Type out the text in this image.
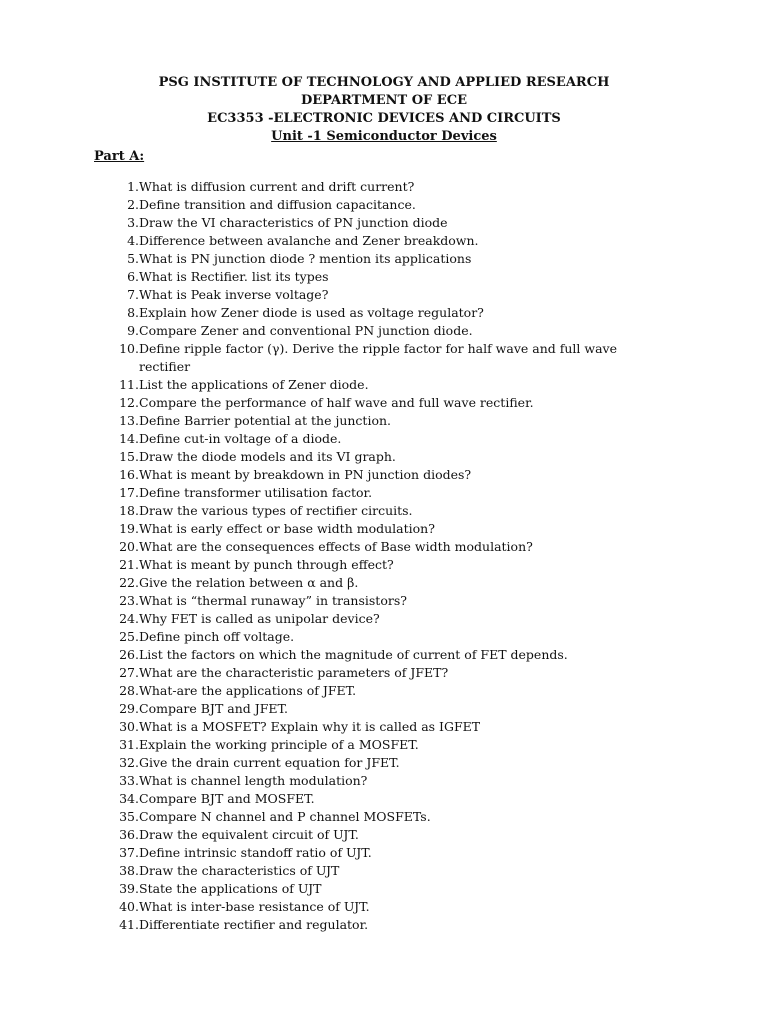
PSG INSTITUTE OF TECHNOLOGY AND APPLIED RESEARCH
DEPARTMENT OF ECE
EC3353 -ELECTRONIC DEVICES AND CIRCUITS
Unit -1 Semiconductor Devices
Part A:
1. What is diffusion current and drift current?
2. Define transition and diffusion capacitance.
3. Draw the VI characteristics of PN junction diode
4. Difference between avalanche and Zener breakdown.
5. What is PN junction diode ? mention its applications
6. What is Rectifier. list its types
7. What is Peak inverse voltage?
8. Explain how Zener diode is used as voltage regulator?
9. Compare Zener and conventional PN junction diode.
10. Define ripple factor (γ). Derive the ripple factor for half wave and full wave rectifier
11. List the applications of Zener diode.
12. Compare the performance of half wave and full wave rectifier.
13. Define Barrier potential at the junction.
14. Define cut-in voltage of a diode.
15. Draw the diode models and its VI graph.
16. What is meant by breakdown in PN junction diodes?
17. Define transformer utilisation factor.
18. Draw the various types of rectifier circuits.
19. What is early effect or base width modulation?
20. What are the consequences effects of Base width modulation?
21. What is meant by punch through effect?
22. Give the relation between α and β.
23. What is “thermal runaway” in transistors?
24. Why FET is called as unipolar device?
25. Define pinch off voltage.
26. List the factors on which the magnitude of current of FET depends.
27. What are the characteristic parameters of JFET?
28. What-are the applications of JFET.
29. Compare BJT and JFET.
30. What is a MOSFET? Explain why it is called as IGFET
31. Explain the working principle of a MOSFET.
32. Give the drain current equation for JFET.
33. What is channel length modulation?
34. Compare BJT and MOSFET.
35. Compare N channel and P channel MOSFETs.
36. Draw the equivalent circuit of UJT.
37. Define intrinsic standoff ratio of UJT.
38. Draw the characteristics of UJT
39. State the applications of UJT
40. What is inter-base resistance of UJT.
41. Differentiate rectifier and regulator.
